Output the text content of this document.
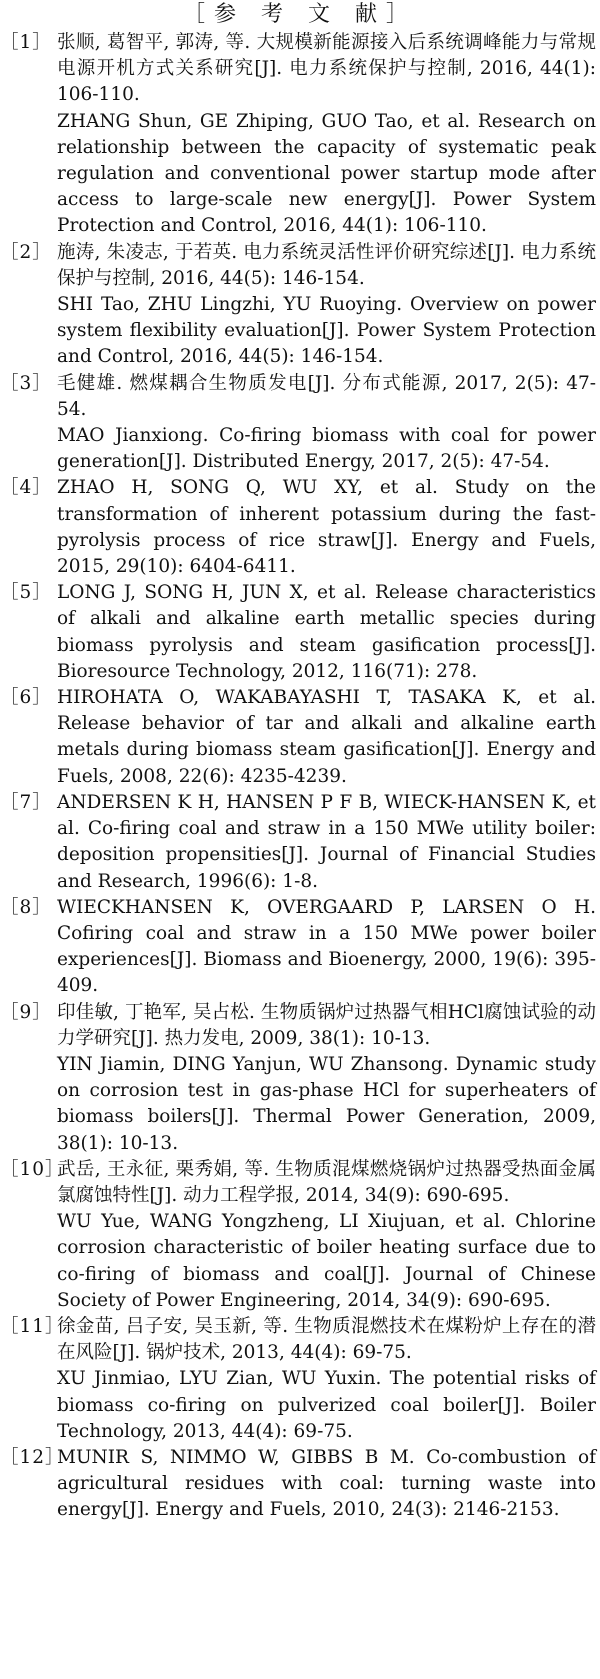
［参 考 文 献］
［1］ 张顺, 葛智平, 郭涛, 等. 大规模新能源接入后系统调峰能力与常规电源开机方式关系研究[J]. 电力系统保护与控制, 2016, 44(1): 106-110.
ZHANG Shun, GE Zhiping, GUO Tao, et al. Research on relationship between the capacity of systematic peak regulation and conventional power startup mode after access to large-scale new energy[J]. Power System Protection and Control, 2016, 44(1): 106-110.
［2］ 施涛, 朱凌志, 于若英. 电力系统灵活性评价研究综述[J]. 电力系统保护与控制, 2016, 44(5): 146-154.
SHI Tao, ZHU Lingzhi, YU Ruoying. Overview on power system flexibility evaluation[J]. Power System Protection and Control, 2016, 44(5): 146-154.
［3］ 毛健雄. 燃煤耦合生物质发电[J]. 分布式能源, 2017, 2(5): 47-54.
MAO Jianxiong. Co-firing biomass with coal for power generation[J]. Distributed Energy, 2017, 2(5): 47-54.
［4］ ZHAO H, SONG Q, WU XY, et al. Study on the transformation of inherent potassium during the fast-pyrolysis process of rice straw[J]. Energy and Fuels, 2015, 29(10): 6404-6411.
［5］ LONG J, SONG H, JUN X, et al. Release characteristics of alkali and alkaline earth metallic species during biomass pyrolysis and steam gasification process[J]. Bioresource Technology, 2012, 116(71): 278.
［6］ HIROHATA O, WAKABAYASHI T, TASAKA K, et al. Release behavior of tar and alkali and alkaline earth metals during biomass steam gasification[J]. Energy and Fuels, 2008, 22(6): 4235-4239.
［7］ ANDERSEN K H, HANSEN P F B, WIECK-HANSEN K, et al. Co-firing coal and straw in a 150 MWe utility boiler: deposition propensities[J]. Journal of Financial Studies and Research, 1996(6): 1-8.
［8］ WIECKHANSEN K, OVERGAARD P, LARSEN O H. Cofiring coal and straw in a 150 MWe power boiler experiences[J]. Biomass and Bioenergy, 2000, 19(6): 395-409.
［9］ 印佳敏, 丁艳军, 吴占松. 生物质锅炉过热器气相HCl腐蚀试验的动力学研究[J]. 热力发电, 2009, 38(1): 10-13.
YIN Jiamin, DING Yanjun, WU Zhansong. Dynamic study on corrosion test in gas-phase HCl for superheaters of biomass boilers[J]. Thermal Power Generation, 2009, 38(1): 10-13.
［10］
武岳, 王永征, 栗秀娟, 等. 生物质混煤燃烧锅炉过热器受热面金属氯腐蚀特性[J]. 动力工程学报, 2014, 34(9): 690-695.
WU Yue, WANG Yongzheng, LI Xiujuan, et al. Chlorine corrosion characteristic of boiler heating surface due to co-firing of biomass and coal[J]. Journal of Chinese Society of Power Engineering, 2014, 34(9): 690-695.
［11］
徐金苗, 吕子安, 吴玉新, 等. 生物质混燃技术在煤粉炉上存在的潜在风险[J]. 锅炉技术, 2013, 44(4): 69-75.
XU Jinmiao, LYU Zian, WU Yuxin. The potential risks of biomass co-firing on pulverized coal boiler[J]. Boiler Technology, 2013, 44(4): 69-75.
［12］
MUNIR S, NIMMO W, GIBBS B M. Co-combustion of agricultural residues with coal: turning waste into energy[J]. Energy and Fuels, 2010, 24(3): 2146-2153.
